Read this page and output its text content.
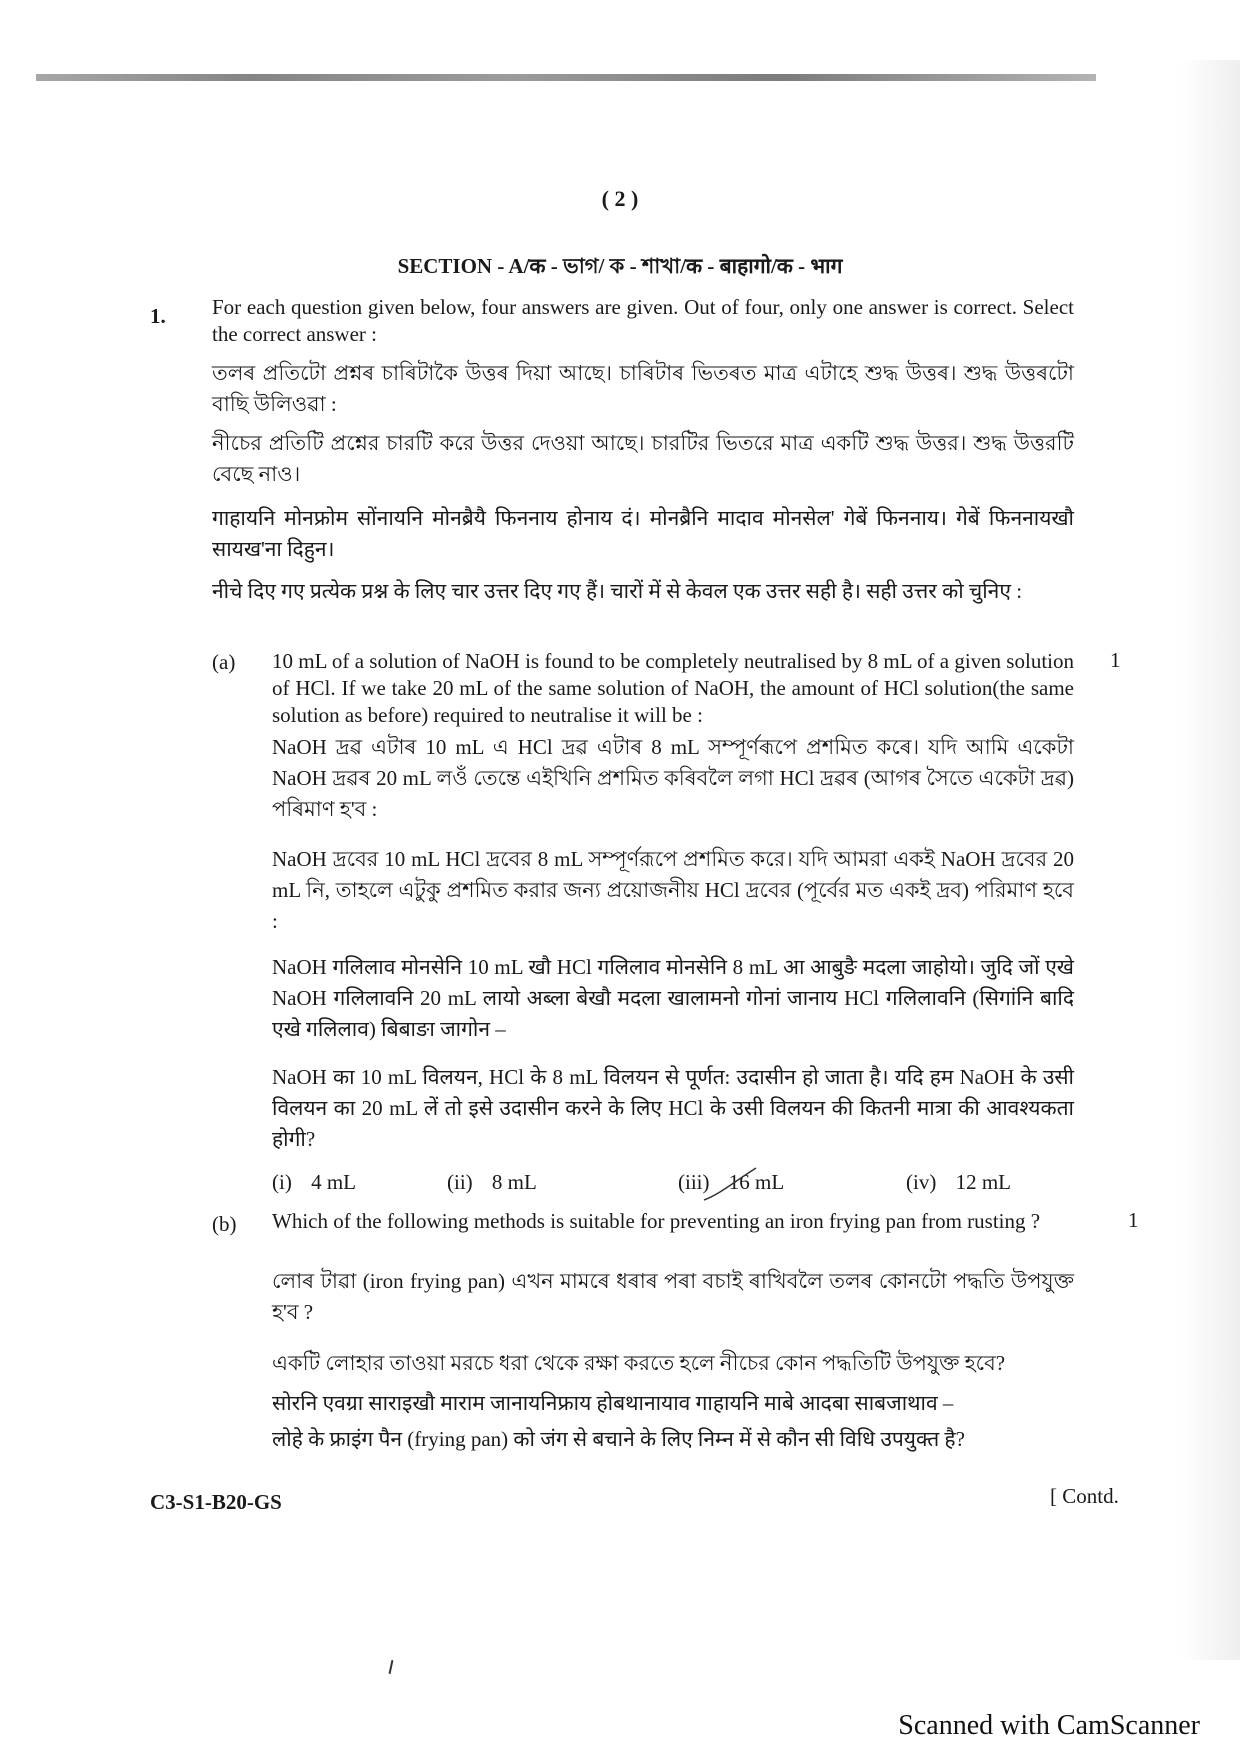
( 2 )
SECTION - A/क - ভাগ/ ক - শাখা/क - बाहागो/क - भाग
1. For each question given below, four answers are given. Out of four, only one answer is correct. Select the correct answer :
তলৰ প্ৰতিটো প্ৰশ্নৰ চাৰিটাকৈ উত্তৰ দিয়া আছে। চাৰিটাৰ ভিতৰত মাত্ৰ এটাহে শুদ্ধ উত্তৰ। শুদ্ধ উত্তৰটো বাছি উলিওৱা :
নীচের প্রতিটি প্রশ্নের চারটি করে উত্তর দেওয়া আছে। চারটির ভিতরে মাত্র একটি শুদ্ধ উত্তর। শুদ্ধ উত্তরটি বেছে নাও।
गाहायनि मोनफ्रोम सोंनायनि मोनब्रैयै फिननाय होनाय दं। मोनब्रैनि मादाव मोनसेल' गेबें फिननाय। गेबें फिननायखौ सायख'ना दिहुन।
नीचे दिए गए प्रत्येक प्रश्न के लिए चार उत्तर दिए गए हैं। चारों में से केवल एक उत्तर सही है। सही उत्तर को चुनिए :
(a)	1
10 mL of a solution of NaOH is found to be completely neutralised by 8 mL of a given solution of HCl. If we take 20 mL of the same solution of NaOH, the amount of HCl solution(the same solution as before) required to neutralise it will be :
NaOH দ্ৰৱ এটাৰ 10 mL এ HCl দ্ৰৱ এটাৰ 8 mL সম্পূৰ্ণৰূপে প্ৰশমিত কৰে। যদি আমি একেটা NaOH দ্ৰৱৰ 20 mL লওঁ তেন্তে এইখিনি প্ৰশমিত কৰিবলৈ লগা HCl দ্ৰৱৰ (আগৰ সৈতে একেটা দ্ৰৱ) পৰিমাণ হ'ব :
NaOH দ্রবের 10 mL HCl দ্রবের 8 mL সম্পূর্ণরূপে প্রশমিত করে। যদি আমরা একই NaOH দ্রবের 20 mL নি, তাহলে এটুকু প্রশমিত করার জন্য প্রয়োজনীয় HCl দ্রবের (পূর্বের মত একই দ্রব) পরিমাণ হবে :
NaOH गलिलाव मोनसेनि 10 mL खौ HCl गलिलाव मोनसेनि 8 mL आ आबुङै मदला जाहोयो। जुदि जों एखे NaOH गलिलावनि 20 mL लायो अब्ला बेखौ मदला खालामनो गोनां जानाय HCl गलिलावनि (सिगांनि बादि एखे गलिलाव) बिबाङा जागोन –
NaOH का 10 mL विलयन, HCl के 8 mL विलयन से पूर्णत: उदासीन हो जाता है। यदि हम NaOH के उसी विलयन का 20 mL लें तो इसे उदासीन करने के लिए HCl के उसी विलयन की कितनी मात्रा की आवश्यकता होगी?
(i) 4 mL	(ii) 8 mL	(iii) 16 mL	(iv) 12 mL
(b)	1
Which of the following methods is suitable for preventing an iron frying pan from rusting ?
লোৰ টাৱা (iron frying pan) এখন মামৰে ধৰাৰ পৰা বচাই ৰাখিবলৈ তলৰ কোনটো পদ্ধতি উপযুক্ত হ'ব ?
একটি লোহার তাওয়া মরচে ধরা থেকে রক্ষা করতে হলে নীচের কোন পদ্ধতিটি উপযুক্ত হবে?
सोरनि एवग्रा साराइखौ माराम जानायनिफ्राय होबथानायाव गाहायनि माबे आदबा साबजाथाव –
लोहे के फ्राइंग पैन (frying pan) को जंग से बचाने के लिए निम्न में से कौन सी विधि उपयुक्त है?
C3-S1-B20-GS	[ Contd.
Scanned with CamScanner
